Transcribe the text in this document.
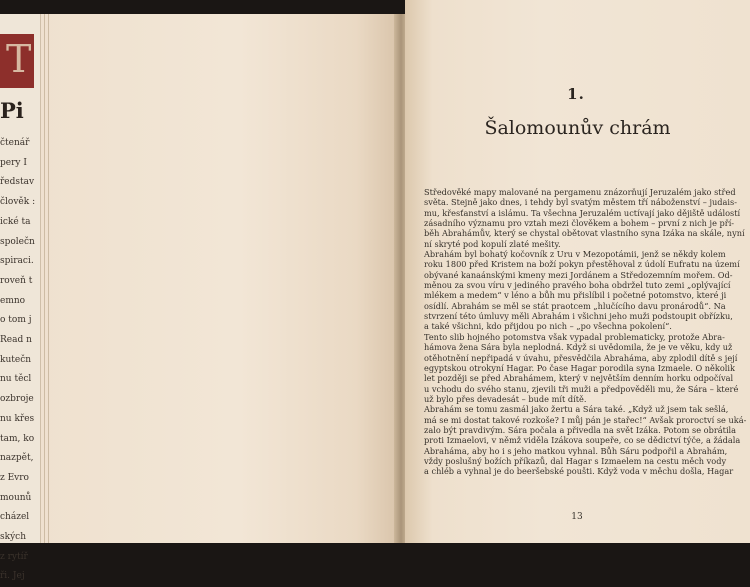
T
Pi
čtenář
pery I
ředstav
člověk :
ické ta
společn
spiraci.
roveň t
emno
o tom j
Read n
kutečn
nu těcl
ozbroje
nu křes
tam, ko
nazpět,
z Evro
mounů
cházel
ských
z rytíř
ři. Jej
1.
Šalomounův chrám
Středověké mapy malované na pergamenu znázorňují Jeruzalém jako střed
světa. Stejně jako dnes, i tehdy byl svatým městem tří náboženství – judais-
mu, křesťanství a islámu. Ta všechna Jeruzalém uctívají jako dějiště událostí
zásadního významu pro vztah mezi člověkem a bohem – první z nich je pří-
běh Abrahámův, který se chystal obětovat vlastního syna Izáka na skále, nyní
ní skryté pod kopulí zlaté mešity.
Abrahám byl bohatý kočovník z Uru v Mezopotámii, jenž se někdy kolem
roku 1800 před Kristem na boží pokyn přestěhoval z údolí Eufratu na území
obývané kanaánskými kmeny mezi Jordánem a Středozemním mořem. Od-
měnou za svou víru v jediného pravého boha obdržel tuto zemi „oplývající
mlékem a medem“ v léno a bůh mu přislíbil i početné potomstvo, které ji
osídlí. Abrahám se měl se stát praotcem „hlučícího davu pronárodů“. Na
stvrzení této úmluvy měli Abrahám i všichni jeho muži podstoupit obřízku,
a také všichni, kdo přijdou po nich – „po všechna pokolení“.
Tento slib hojného potomstva však vypadal problematicky, protože Abra-
hámova žena Sára byla neplodná. Když si uvědomila, že je ve věku, kdy už
otěhotnění nepřipadá v úvahu, přesvědčila Abraháma, aby zplodil dítě s její
egyptskou otrokyní Hagar. Po čase Hagar porodila syna Izmaele. O několik
let později se před Abrahámem, který v největším denním horku odpočíval
u vchodu do svého stanu, zjevili tři muži a předpověděli mu, že Sára – které
už bylo přes devadesát – bude mít dítě.
Abrahám se tomu zasmál jako žertu a Sára také. „Když už jsem tak sešlá,
má se mi dostat takové rozkoše? I můj pán je stařec!“ Avšak proroctví se uká-
zalo být pravdivým. Sára počala a přivedla na svět Izáka. Potom se obrátila
proti Izmaelovi, v němž viděla Izákova soupeře, co se dědictví týče, a žádala
Abraháma, aby ho i s jeho matkou vyhnal. Bůh Sáru podpořil a Abrahám,
vždy poslušný božích příkazů, dal Hagar s Izmaelem na cestu měch vody
a chléb a vyhnal je do beeršebské poušti. Když voda v měchu došla, Hagar
13
